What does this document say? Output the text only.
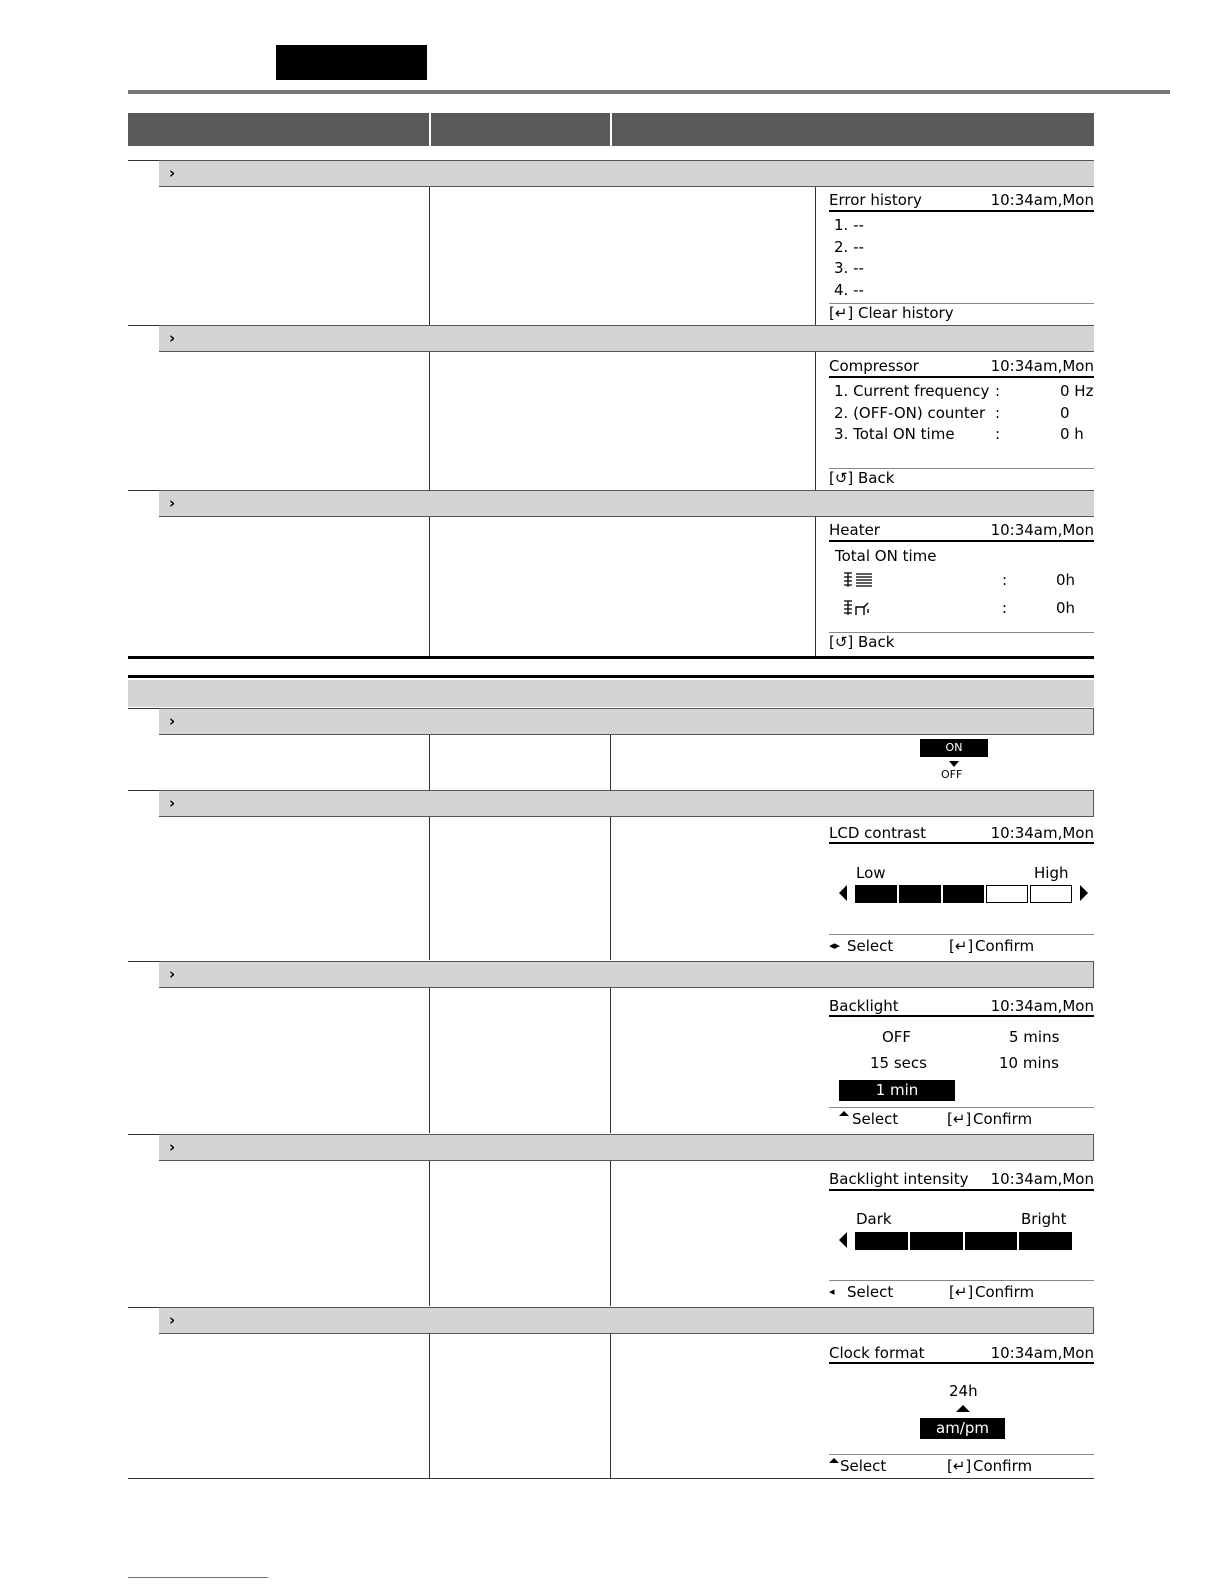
›
Error history	10:34am,Mon
1. --
2. --
3. --
4. --
[↵] Clear history
›
Compressor	10:34am,Mon
1. Current frequency :	0 Hz
2. (OFF-ON) counter :	0
3. Total ON time	:	0 h
[↺] Back
›
Heater	10:34am,Mon
Total ON time
:	0h
:	0h
[↺] Back
›
ON
OFF
›
LCD contrast	10:34am,Mon
Low	High
◂▸ Select	[↵] Confirm
›
Backlight	10:34am,Mon
OFF	5 mins
15 secs	10 mins
1 min
Select	[↵] Confirm
›
Backlight intensity	10:34am,Mon
Dark	Bright
◂ Select	[↵] Confirm
›
Clock format	10:34am,Mon
24h
am/pm
Select	[↵] Confirm
